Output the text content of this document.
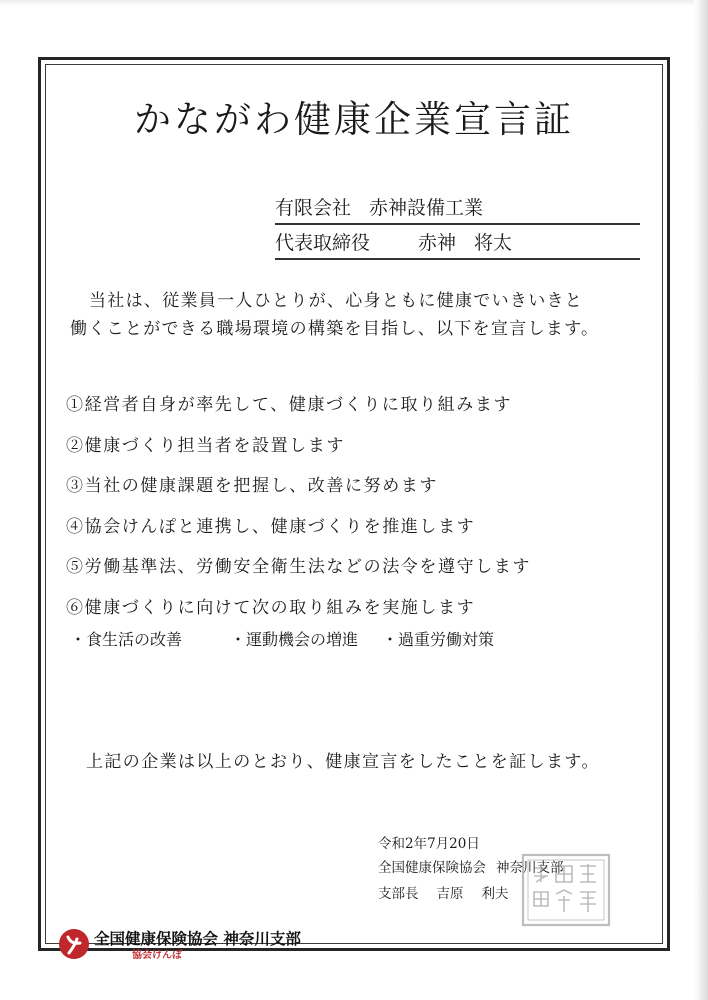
かながわ健康企業宣言証
有限会社 赤神設備工業
代表取締役	赤神 将太

当社は、従業員一人ひとりが、心身ともに健康でいきいきと

働くことができる職場環境の構築を目指し、以下を宣言します。

①経営者自身が率先して、健康づくりに取り組みます
②健康づくり担当者を設置します
③当社の健康課題を把握し、改善に努めます
④協会けんぽと連携し、健康づくりを推進します
⑤労働基準法、労働安全衛生法などの法令を遵守します
⑥健康づくりに向けて次の取り組みを実施します
・食生活の改善	・運動機会の増進 ・過重労働対策
上記の企業は以上のとおり、健康宣言をしたことを証します。
令和2年7月20日
全国健康保険協会 神奈川支部
支部長 吉原 利夫
全国健康保険協会 神奈川支部
協会けんぽ
